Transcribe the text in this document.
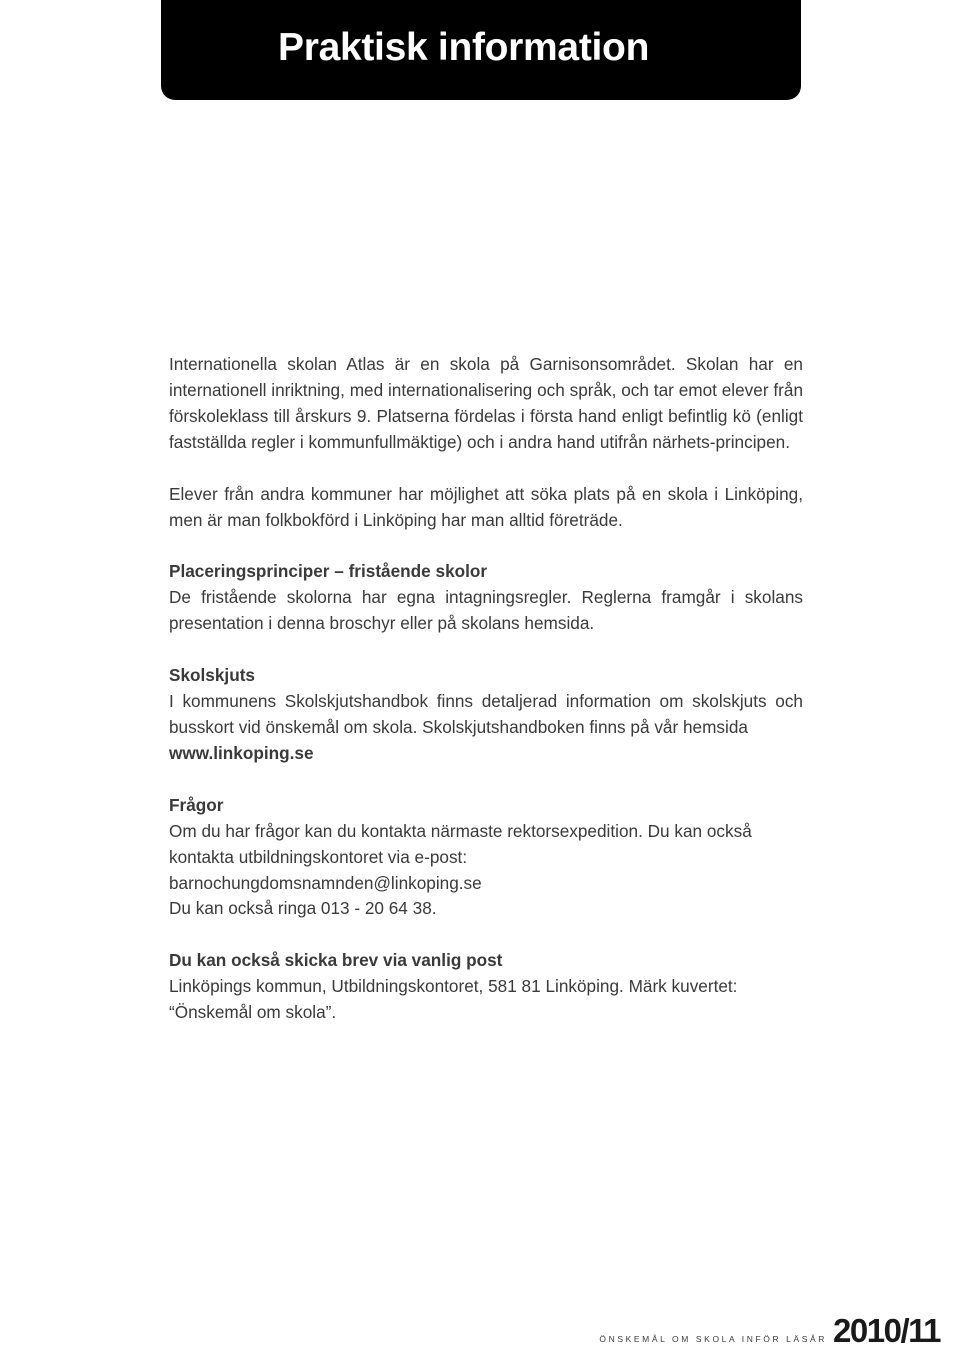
Praktisk information

Internationella skolan Atlas är en skola på Garnisonsområdet. Skolan har en internationell inriktning, med internationalisering och språk, och tar emot elever från förskoleklass till årskurs 9. Platserna fördelas i första hand enligt befintlig kö (enligt fastställda regler i kommunfullmäktige) och i andra hand utifrån närhets-principen.

Elever från andra kommuner har möjlighet att söka plats på en skola i Linköping, men är man folkbokförd i Linköping har man alltid företräde.

Placeringsprinciper – fristående skolor
De fristående skolorna har egna intagningsregler. Reglerna framgår i skolans presentation i denna broschyr eller på skolans hemsida.
Skolskjuts
I kommunens Skolskjutshandbok finns detaljerad information om skolskjuts och busskort vid önskemål om skola. Skolskjutshandboken finns på vår hemsida
www.linkoping.se
Frågor
Om du har frågor kan du kontakta närmaste rektorsexpedition. Du kan också
kontakta utbildningskontoret via e-post:
barnochungdomsnamnden@linkoping.se
Du kan också ringa 013 - 20 64 38.
Du kan också skicka brev via vanlig post
Linköpings kommun, Utbildningskontoret, 581 81 Linköping. Märk kuvertet: “Önskemål om skola”.
ÖNSKEMÅL OM SKOLA INFÖR LÄSÅR 2010/11
